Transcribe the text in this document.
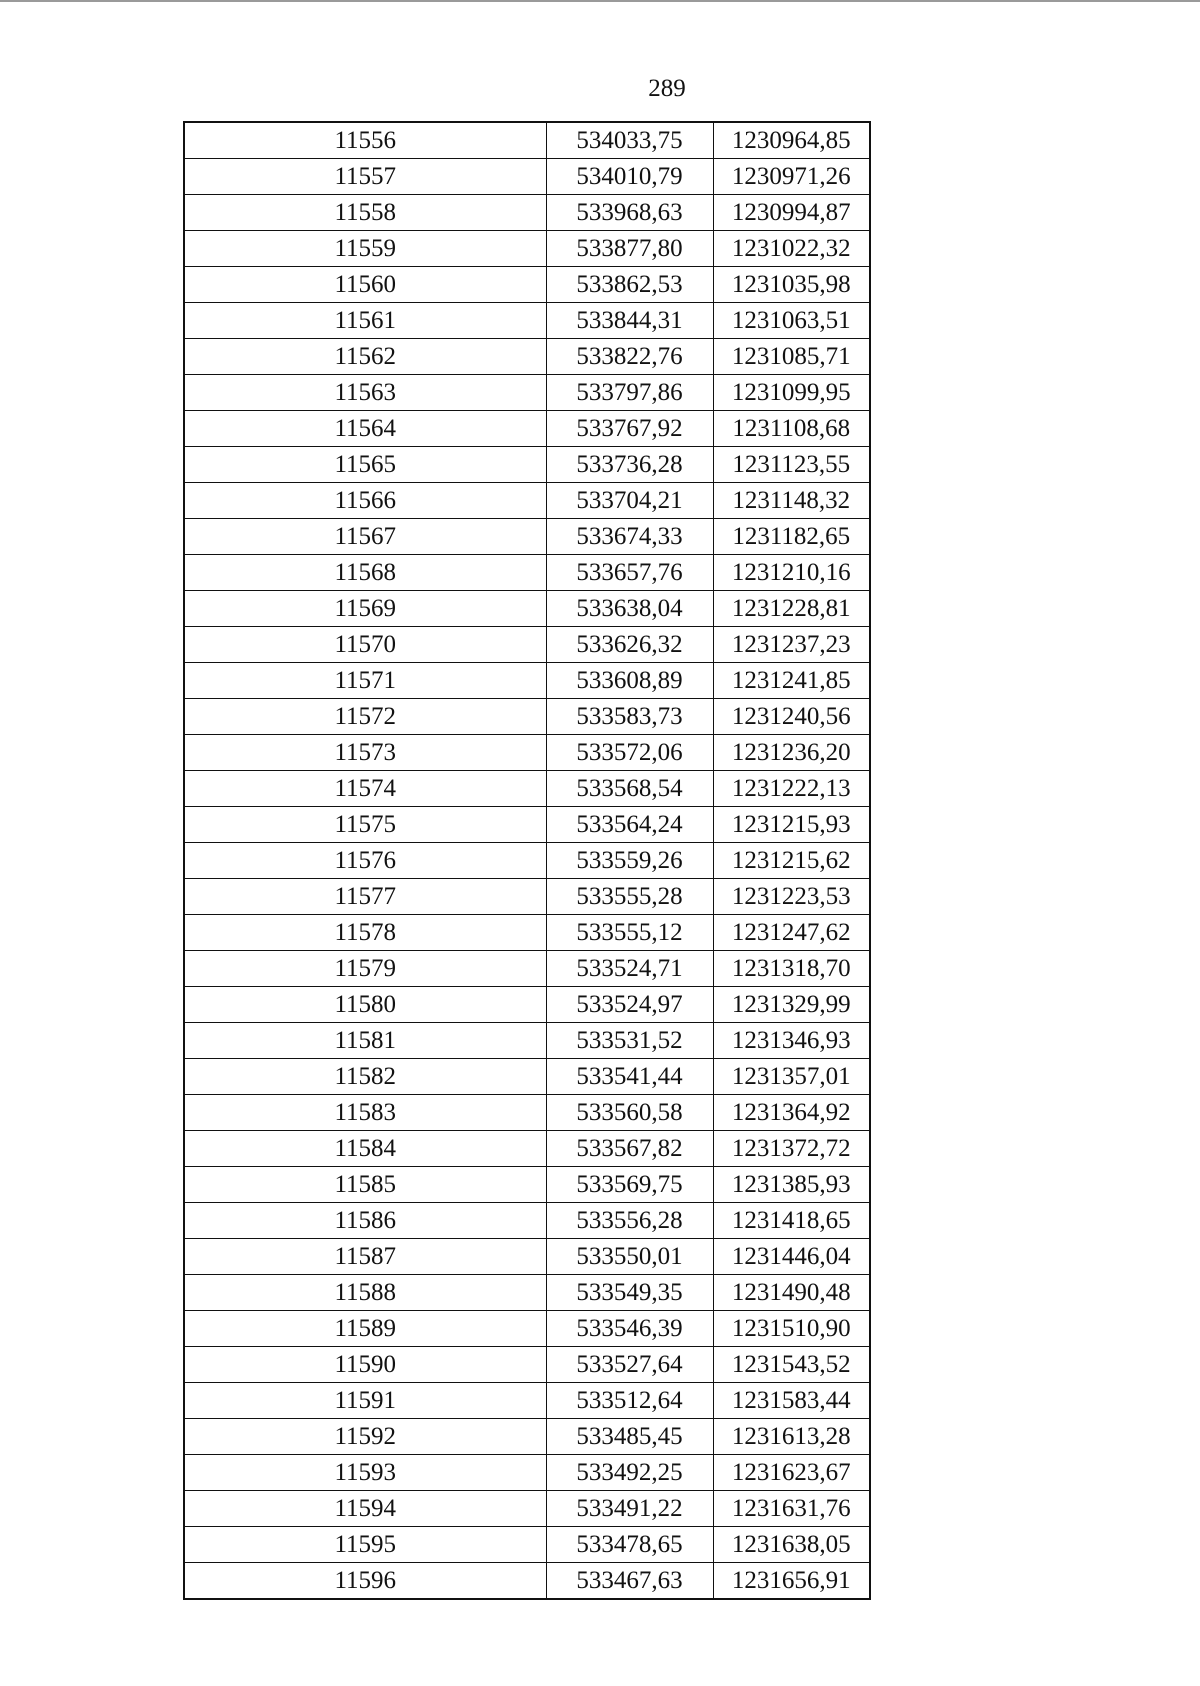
289
11556	534033,75	1230964,85
11557	534010,79	1230971,26
11558	533968,63	1230994,87
11559	533877,80	1231022,32
11560	533862,53	1231035,98
11561	533844,31	1231063,51
11562	533822,76	1231085,71
11563	533797,86	1231099,95
11564	533767,92	1231108,68
11565	533736,28	1231123,55
11566	533704,21	1231148,32
11567	533674,33	1231182,65
11568	533657,76	1231210,16
11569	533638,04	1231228,81
11570	533626,32	1231237,23
11571	533608,89	1231241,85
11572	533583,73	1231240,56
11573	533572,06	1231236,20
11574	533568,54	1231222,13
11575	533564,24	1231215,93
11576	533559,26	1231215,62
11577	533555,28	1231223,53
11578	533555,12	1231247,62
11579	533524,71	1231318,70
11580	533524,97	1231329,99
11581	533531,52	1231346,93
11582	533541,44	1231357,01
11583	533560,58	1231364,92
11584	533567,82	1231372,72
11585	533569,75	1231385,93
11586	533556,28	1231418,65
11587	533550,01	1231446,04
11588	533549,35	1231490,48
11589	533546,39	1231510,90
11590	533527,64	1231543,52
11591	533512,64	1231583,44
11592	533485,45	1231613,28
11593	533492,25	1231623,67
11594	533491,22	1231631,76
11595	533478,65	1231638,05
11596	533467,63	1231656,91
